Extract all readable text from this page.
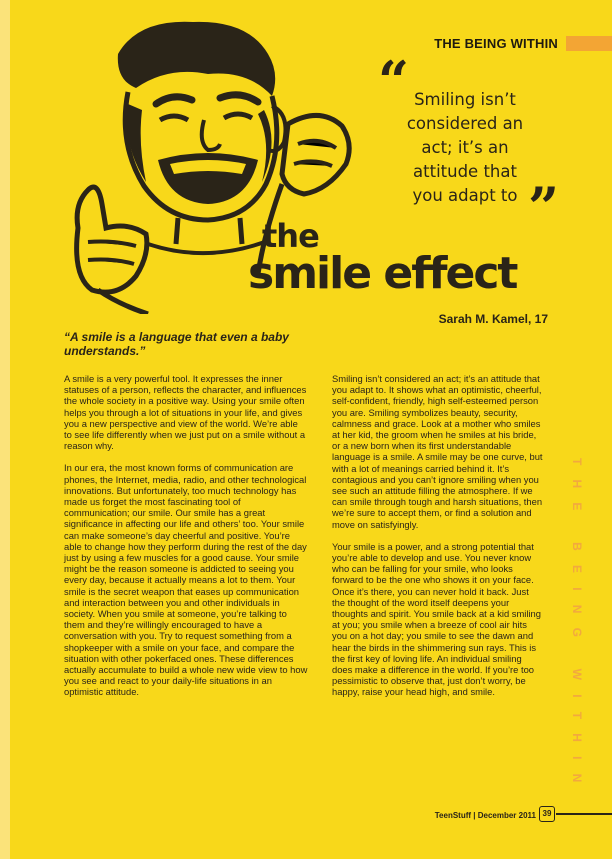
THE BEING WITHIN
“ Smiling isn’t considered an act; it’s an attitude that you adapt to ”
the
smile effect

Sarah M. Kamel, 17

“A smile is a language that even a baby understands.”

A smile is a very powerful tool. It expresses the inner statuses of a person, reflects the character, and influences the whole society in a positive way. Using your smile often helps you through a lot of situations in your life, and gives you a new perspective and view of the world. We’re able to see life differently when we just put on a smile without a reason why.

In our era, the most known forms of communication are phones, the Internet, media, radio, and other technological innovations. But unfortunately, too much technology has made us forget the most fascinating tool of communication; our smile. Our smile has a great significance in affecting our life and others’ too. Your smile can make someone’s day cheerful and positive. You’re able to change how they perform during the rest of the day just by using a few muscles for a good cause. Your smile might be the reason someone is addicted to seeing you every day, because it actually means a lot to them. Your smile is the secret weapon that eases up communication and interaction between you and other individuals in society. When you smile at someone, you’re talking to them and they’re willingly encouraged to have a conversation with you. Try to request something from a shopkeeper with a smile on your face, and compare the situation with other pokerfaced ones. These differences actually accumulate to build a whole new wide view to how you see and react to your daily-life situations in an optimistic attitude.

Smiling isn’t considered an act; it’s an attitude that you adapt to. It shows what an optimistic, cheerful, self-confident, friendly, high self-esteemed person you are. Smiling symbolizes beauty, security, calmness and grace. Look at a mother who smiles at her kid, the groom when he smiles at his bride, or a new born when its first understandable language is a smile. A smile may be one curve, but with a lot of meanings carried behind it. It’s contagious and you can’t ignore smiling when you see such an attitude filling the atmosphere. If we can smile through tough and harsh situations, then we’re sure to accept them, or find a solution and move on satisfyingly.

Your smile is a power, and a strong potential that you’re able to develop and use. You never know who can be falling for your smile, who looks forward to be the one who shows it on your face. Once it’s there, you can never hold it back. Just the thought of the word itself deepens your thoughts and spirit. You smile back at a kid smiling at you; you smile when a breeze of cool air hits you on a hot day; you smile to see the dawn and hear the birds in the shimmering sun rays. This is the first key of loving life. An individual smiling does make a difference in the world. If you’re too pessimistic to observe that, just don’t worry, be happy, raise your head high, and smile.	THE BEING WITHIN

TeenStuff | December 2011 39
